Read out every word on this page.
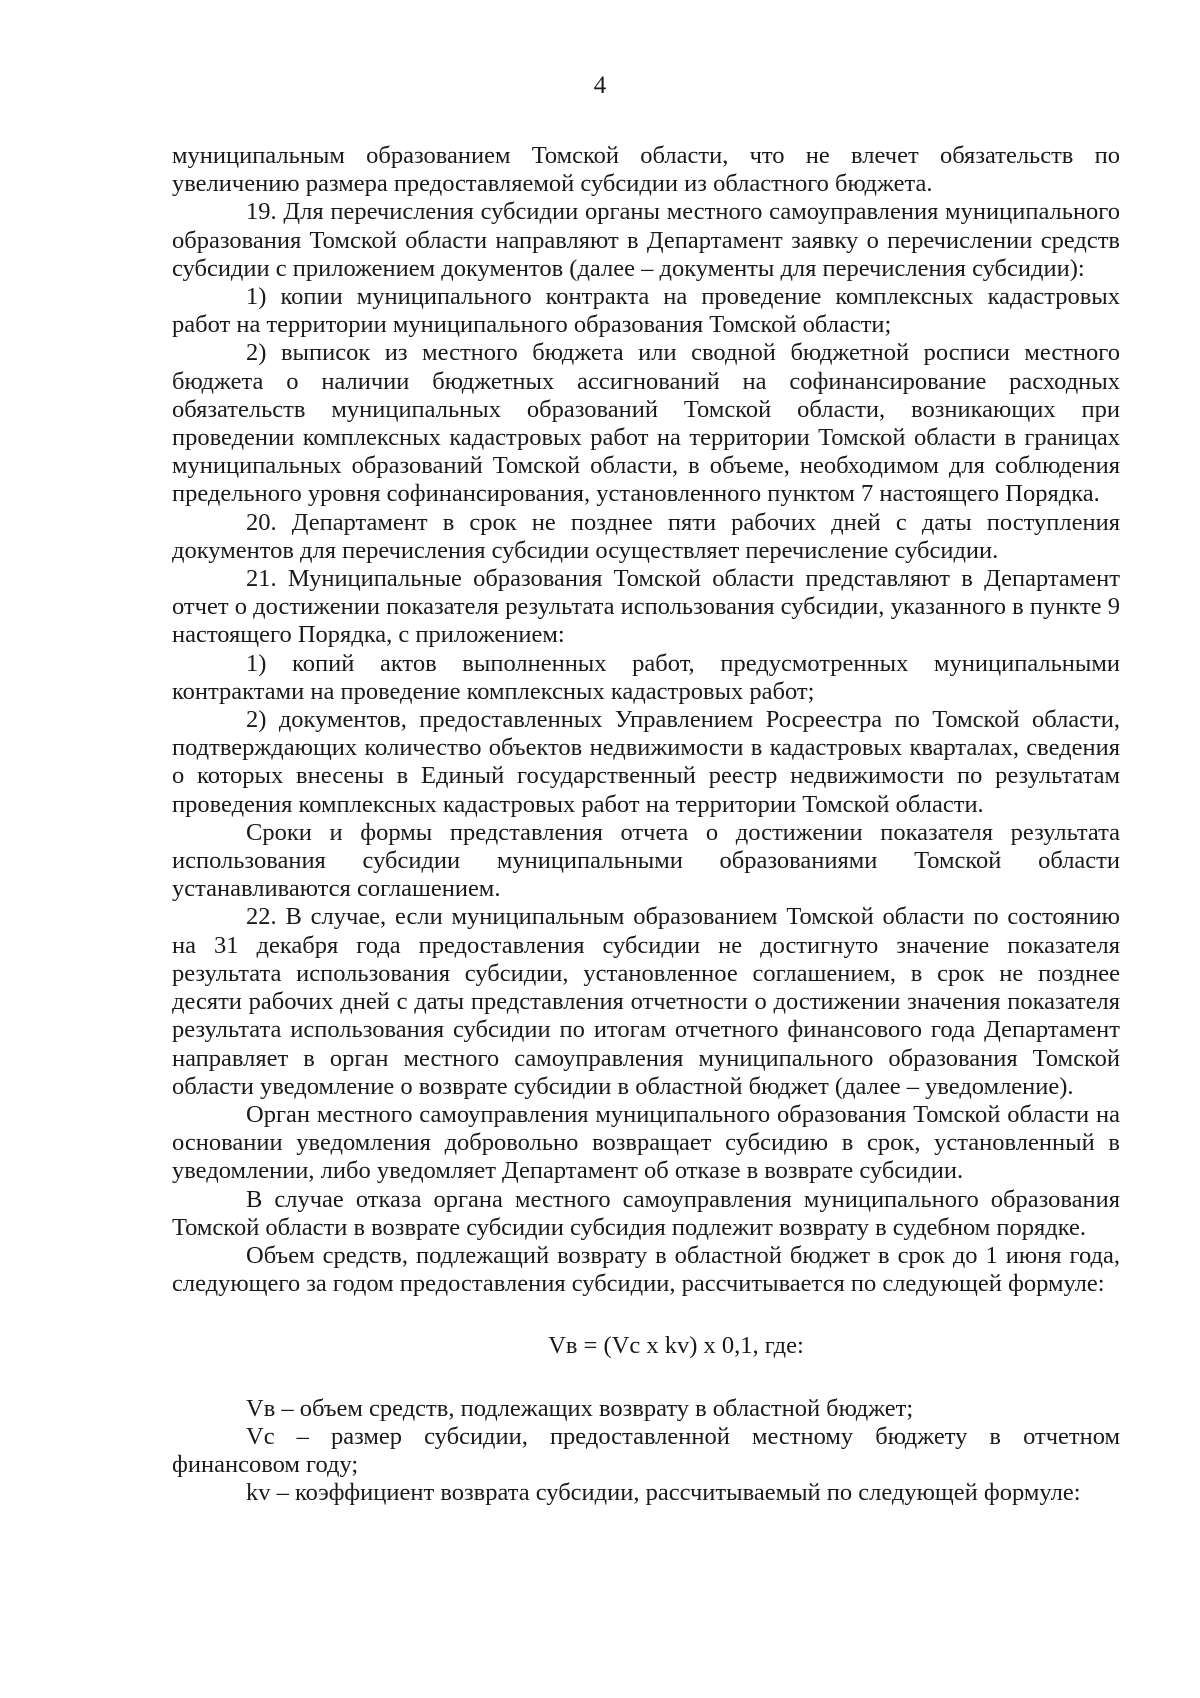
4

муниципальным образованием Томской области, что не влечет обязательств по увеличению размера предоставляемой субсидии из областного бюджета.

19. Для перечисления субсидии органы местного самоуправления муниципального образования Томской области направляют в Департамент заявку о перечислении средств субсидии с приложением документов (далее – документы для перечисления субсидии):

1) копии муниципального контракта на проведение комплексных кадастровых работ на территории муниципального образования Томской области;

2) выписок из местного бюджета или сводной бюджетной росписи местного бюджета о наличии бюджетных ассигнований на софинансирование расходных обязательств муниципальных образований Томской области, возникающих при проведении комплексных кадастровых работ на территории Томской области в границах муниципальных образований Томской области, в объеме, необходимом для соблюдения предельного уровня софинансирования, установленного пунктом 7 настоящего Порядка.

20. Департамент в срок не позднее пяти рабочих дней с даты поступления документов для перечисления субсидии осуществляет перечисление субсидии.

21. Муниципальные образования Томской области представляют в Департамент отчет о достижении показателя результата использования субсидии, указанного в пункте 9 настоящего Порядка, с приложением:

1) копий актов выполненных работ, предусмотренных муниципальными контрактами на проведение комплексных кадастровых работ;

2) документов, предоставленных Управлением Росреестра по Томской области, подтверждающих количество объектов недвижимости в кадастровых кварталах, сведения о которых внесены в Единый государственный реестр недвижимости по результатам проведения комплексных кадастровых работ на территории Томской области.

Сроки и формы представления отчета о достижении показателя результата использования субсидии муниципальными образованиями Томской области устанавливаются соглашением.

22. В случае, если муниципальным образованием Томской области по состоянию на 31 декабря года предоставления субсидии не достигнуто значение показателя результата использования субсидии, установленное соглашением, в срок не позднее десяти рабочих дней с даты представления отчетности о достижении значения показателя результата использования субсидии по итогам отчетного финансового года Департамент направляет в орган местного самоуправления муниципального образования Томской области уведомление о возврате субсидии в областной бюджет (далее – уведомление).

Орган местного самоуправления муниципального образования Томской области на основании уведомления добровольно возвращает субсидию в срок, установленный в уведомлении, либо уведомляет Департамент об отказе в возврате субсидии.

В случае отказа органа местного самоуправления муниципального образования Томской области в возврате субсидии субсидия подлежит возврату в судебном порядке.

Объем средств, подлежащий возврату в областной бюджет в срок до 1 июня года, следующего за годом предоставления субсидии, рассчитывается по следующей формуле:

Vв = (Vс x kv) x 0,1, где:

Vв – объем средств, подлежащих возврату в областной бюджет;

Vс – размер субсидии, предоставленной местному бюджету в отчетном финансовом году;

kv – коэффициент возврата субсидии, рассчитываемый по следующей формуле:
